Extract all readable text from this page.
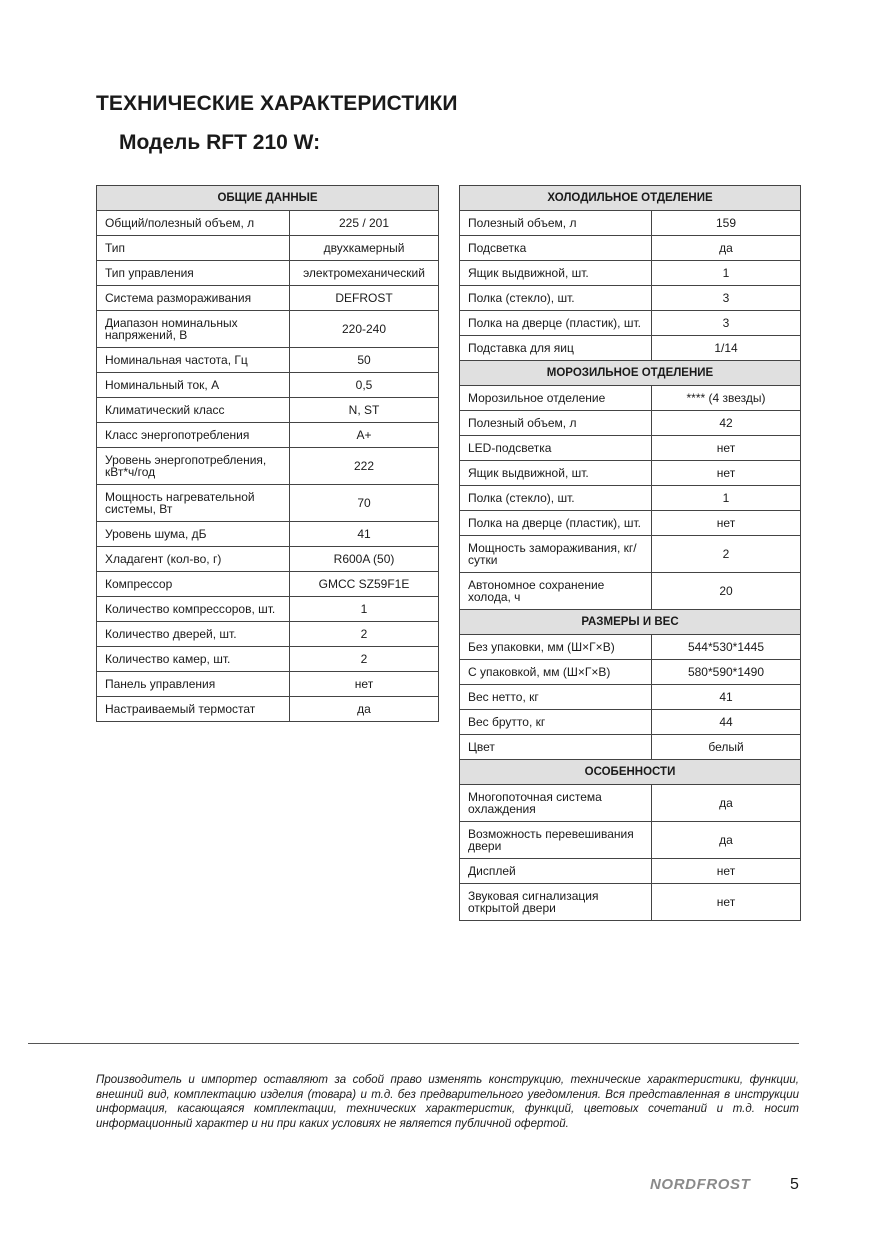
ТЕХНИЧЕСКИЕ ХАРАКТЕРИСТИКИ
Модель RFT 210 W:
ОБЩИЕ ДАННЫЕ	
Общий/полезный объем, л	225 / 201
Тип	двухкамерный
Тип управления	электромеханический
Система размораживания	DEFROST
Диапазон номинальных напряжений, В	220-240
Номинальная частота, Гц	50
Номинальный ток, А	0,5
Климатический класс	N, ST
Класс энергопотребления	A+
Уровень энергопотребления, кВт*ч/год	222
Мощность нагревательной системы, Вт	70
Уровень шума, дБ	41
Хладагент (кол-во, г)	R600A (50)
Компрессор	GMCC SZ59F1E
Количество компрессоров, шт.	1
Количество дверей, шт.	2
Количество камер, шт.	2
Панель управления	нет
Настраиваемый термостат	да
ХОЛОДИЛЬНОЕ ОТДЕЛЕНИЕ	
Полезный объем, л	159
Подсветка	да
Ящик выдвижной, шт.	1
Полка (стекло), шт.	3
Полка на дверце (пластик), шт.	3
Подставка для яиц	1/14
МОРОЗИЛЬНОЕ ОТДЕЛЕНИЕ	
Морозильное отделение	**** (4 звезды)
Полезный объем, л	42
LED-подсветка	нет
Ящик выдвижной, шт.	нет
Полка (стекло), шт.	1
Полка на дверце (пластик), шт.	нет
Мощность замораживания, кг/сутки	2
Автономное сохранение холода, ч	20
РАЗМЕРЫ И ВЕС	
Без упаковки, мм (Ш×Г×В)	544*530*1445
С упаковкой, мм (Ш×Г×В)	580*590*1490
Вес нетто, кг	41
Вес брутто, кг	44
Цвет	белый
ОСОБЕННОСТИ	
Многопоточная система охлаждения	да
Возможность перевешивания двери	да
Дисплей	нет
Звуковая сигнализация открытой двери	нет

Производитель и импортер оставляют за собой право изменять конструкцию, технические характеристики, функции, внешний вид, комплектацию изделия (товара) и т.д. без предварительного уведомления. Вся представленная в инструкции информация, касающаяся комплектации, технических характеристик, функций, цветовых сочетаний и т.д. носит информационный характер и ни при каких условиях не является публичной офертой.

NORDFROST 5
